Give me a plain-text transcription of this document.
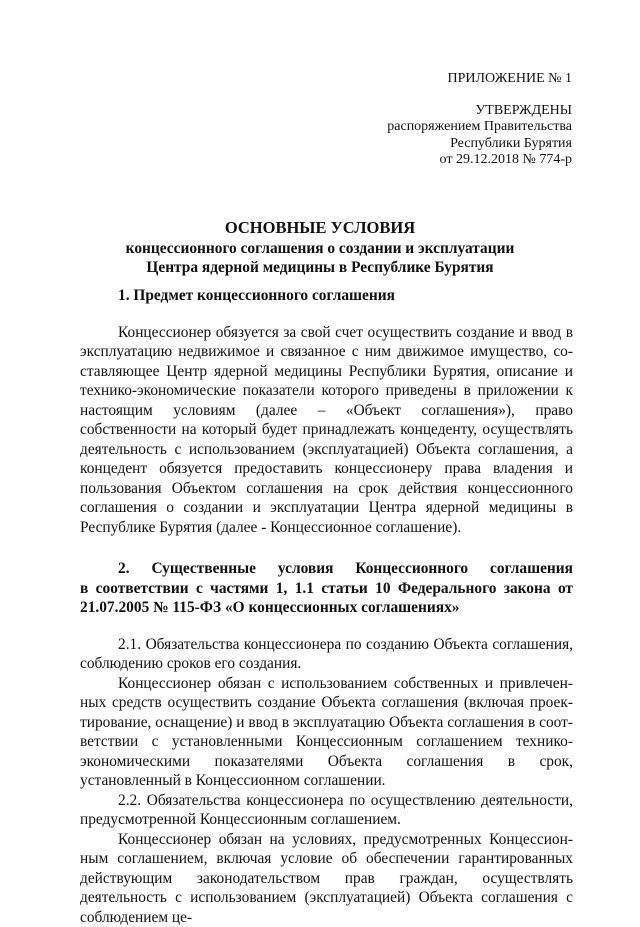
ПРИЛОЖЕНИЕ № 1
УТВЕРЖДЕНЫ
распоряжением Правительства
Республики Бурятия
от 29.12.2018 № 774-р
ОСНОВНЫЕ УСЛОВИЯ
концессионного соглашения о создании и эксплуатации
Центра ядерной медицины в Республике Бурятия
1. Предмет концессионного соглашения

Концессионер обязуется за свой счет осуществить создание и ввод в эксплуатацию недвижимое и связанное с ним движимое имущество, составляющее Центр ядерной медицины Республики Бурятия, описание и технико-экономические показатели которого приведены в приложении к настоящим условиям (далее – «Объект соглашения»), право собственности на который будет принадлежать концеденту, осуществлять деятельность с использованием (эксплуатацией) Объекта соглашения, а концедент обязуется предоставить концессионеру права владения и пользования Объектом соглашения на срок действия концессионного соглашения о создании и эксплуатации Центра ядерной медицины в Республике Бурятия (далее - Концессионное соглашение).

2. Существенные условия Концессионного соглашения
в соответствии с частями 1, 1.1 статьи 10 Федерального закона от 21.07.2005 № 115-ФЗ «О концессионных соглашениях»

2.1. Обязательства концессионера по созданию Объекта соглашения, соблюдению сроков его создания.

Концессионер обязан с использованием собственных и привлеченных средств осуществить создание Объекта соглашения (включая проектирование, оснащение) и ввод в эксплуатацию Объекта соглашения в соответствии с установленными Концессионным соглашением технико-экономическими показателями Объекта соглашения в срок, установленный в Концессионном соглашении.

2.2. Обязательства концессионера по осуществлению деятельности, предусмотренной Концессионным соглашением.

Концессионер обязан на условиях, предусмотренных Концессионным соглашением, включая условие об обеспечении гарантированных действующим законодательством прав граждан, осуществлять деятельность с использованием (эксплуатацией) Объекта соглашения с соблюдением це-
